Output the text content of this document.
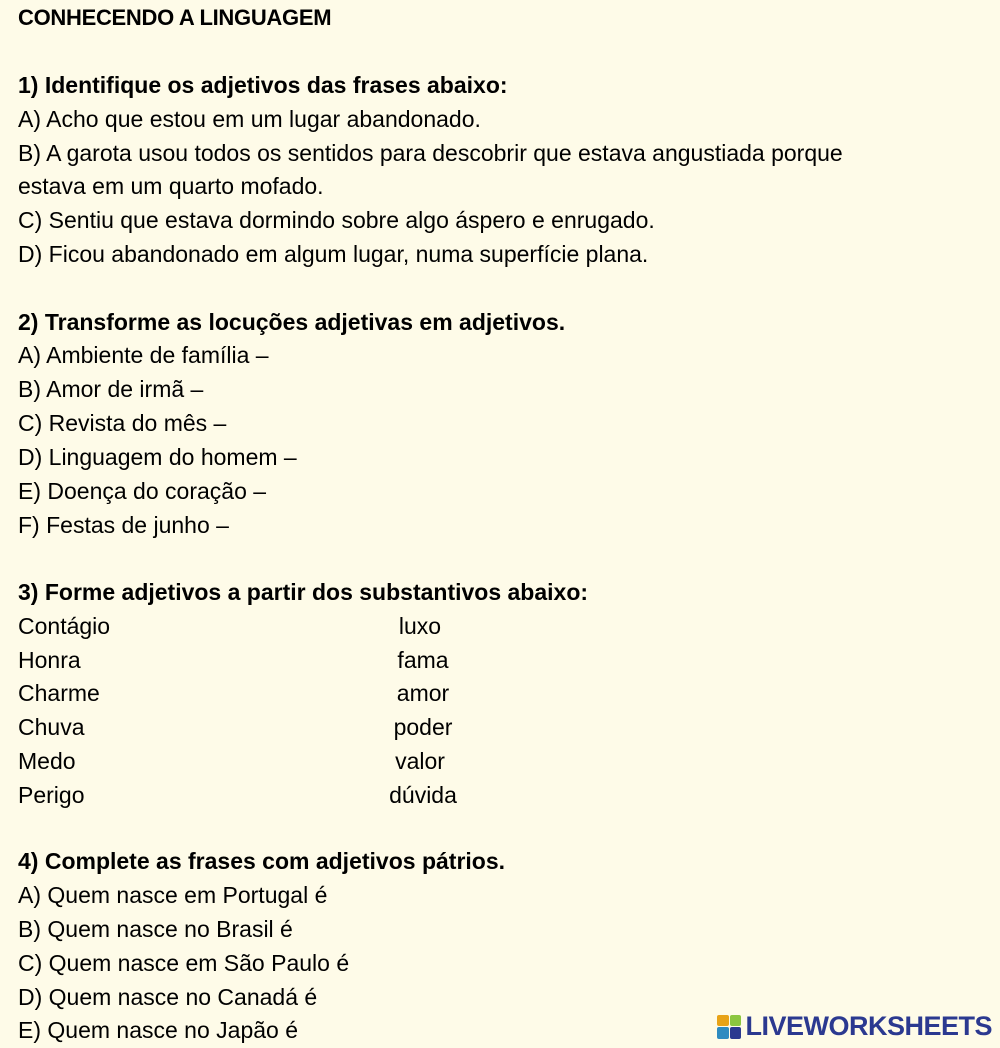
CONHECENDO A LINGUAGEM
1) Identifique os adjetivos das frases abaixo:
A) Acho que estou em um lugar abandonado.
B) A garota usou todos os sentidos para descobrir que estava angustiada porque
estava em um quarto mofado.
C) Sentiu que estava dormindo sobre algo áspero e enrugado.
D) Ficou abandonado em algum lugar, numa superfície plana.
2) Transforme as locuções adjetivas em adjetivos.
A) Ambiente de família –
B) Amor de irmã –
C) Revista do mês –
D) Linguagem do homem –
E) Doença do coração –
F) Festas de junho –
3) Forme adjetivos a partir dos substantivos abaixo:
Contágio
Honra
Charme
Chuva
Medo
Perigo
luxo
fama
amor
poder
valor
dúvida
4) Complete as frases com adjetivos pátrios.
A) Quem nasce em Portugal é
B) Quem nasce no Brasil é
C) Quem nasce em São Paulo é
D) Quem nasce no Canadá é
E) Quem nasce no Japão é	LIVEWORKSHEETS
